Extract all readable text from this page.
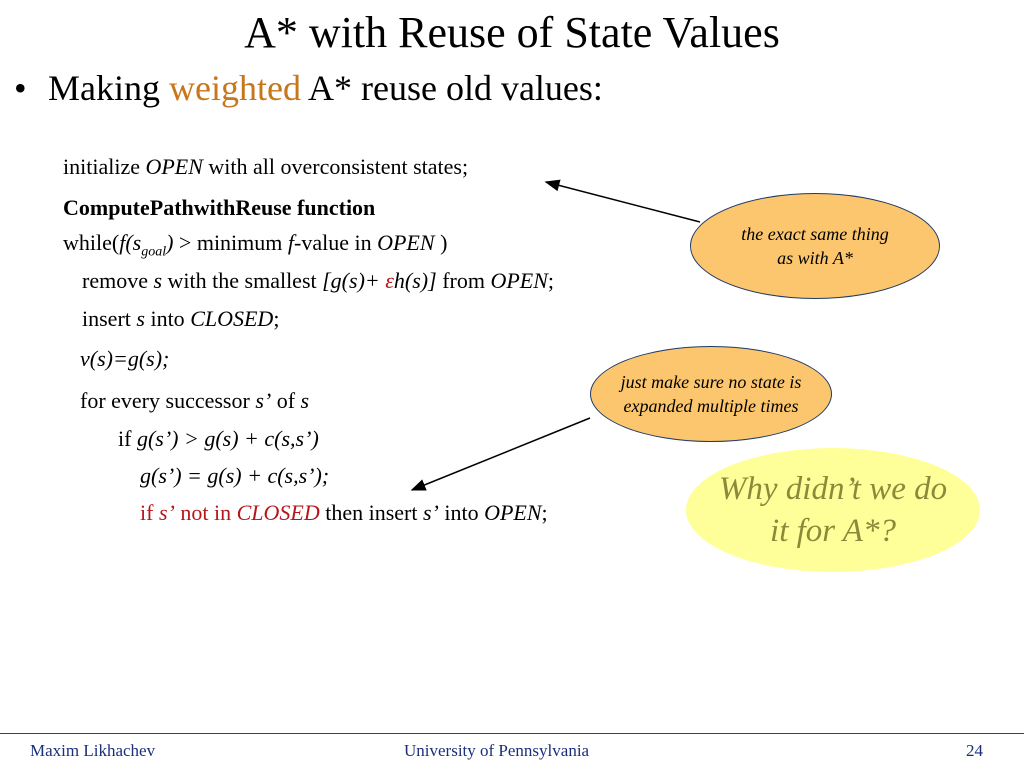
A* with Reuse of State Values
• Making weighted A* reuse old values:
initialize OPEN with all overconsistent states;
ComputePathwithReuse function
$while(f(s_{goal})$ > minimum f-value in OPEN )
remove s with the smallest [g(s)+ εh(s)] from OPEN;
insert s into CLOSED;
v(s)=g(s);
for every successor s’ of s
if g(s’) > g(s) + c(s,s’)
g(s’) = g(s) + c(s,s’);
if s’ not in CLOSED then insert s’ into OPEN;
the exact same thing as with A*
just make sure no state is expanded multiple times
Why didn’t we do it for A*?
Maxim Likhachev	University of Pennsylvania	24
